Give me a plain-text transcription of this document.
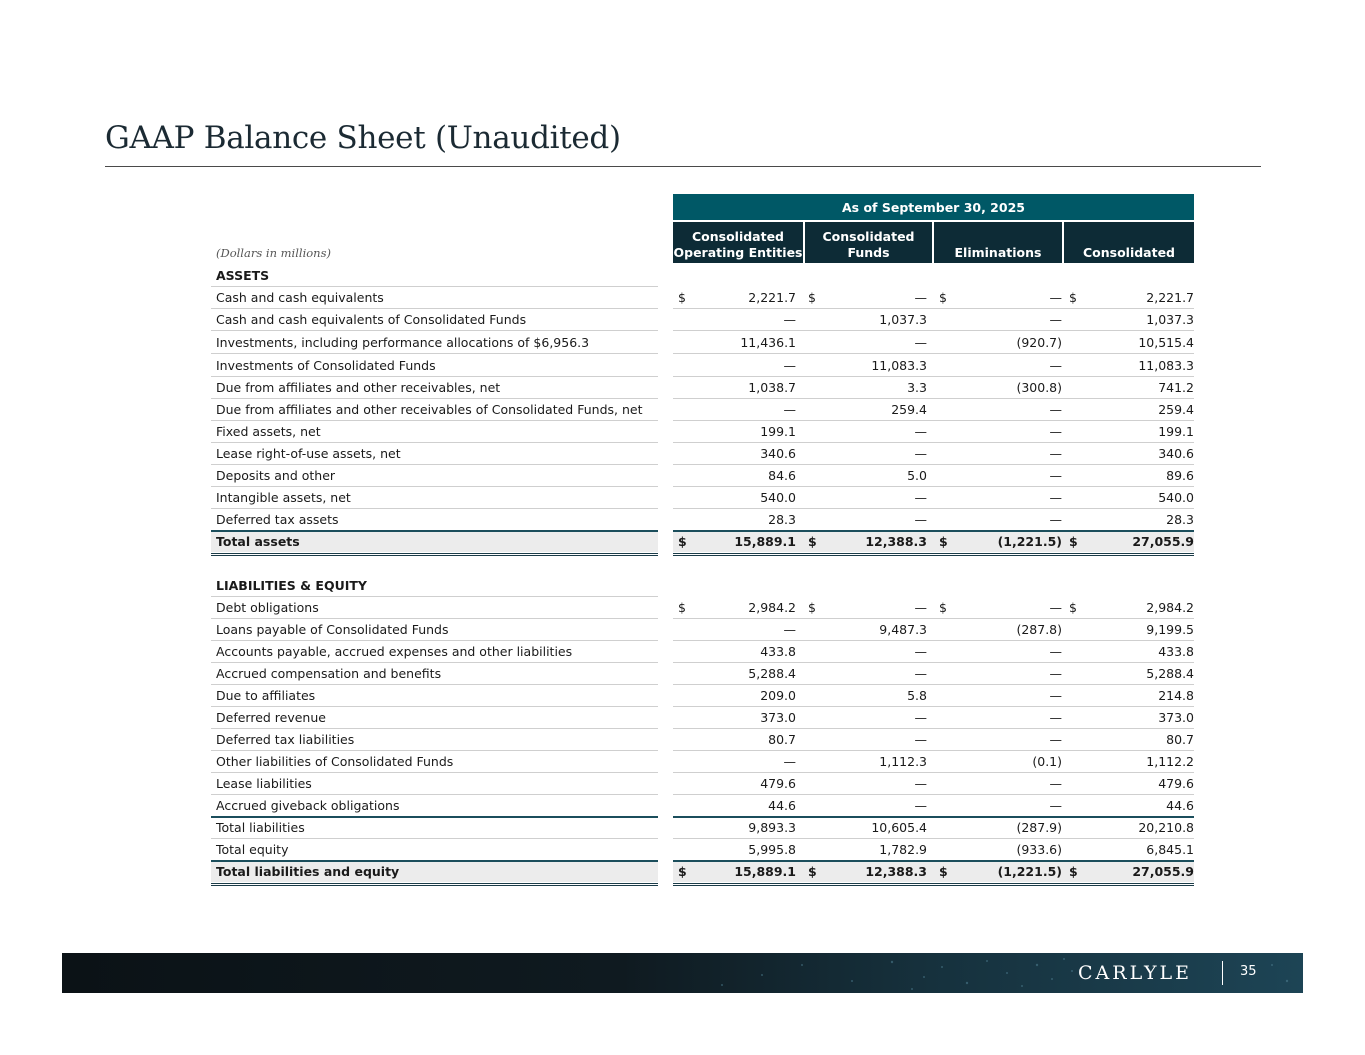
GAAP Balance Sheet (Unaudited)
As of September 30, 2025
(Dollars in millions)
Consolidated
Operating Entities
Consolidated
Funds	Eliminations	Consolidated
ASSETS
Cash and cash equivalents	$	2,221.7 $	— $	— $	2,221.7
Cash and cash equivalents of Consolidated Funds	—	1,037.3	—	1,037.3
Investments, including performance allocations of $6,956.3	11,436.1	—	(920.7)	10,515.4
Investments of Consolidated Funds	—	11,083.3	—	11,083.3
Due from affiliates and other receivables, net	1,038.7	3.3	(300.8)	741.2
Due from affiliates and other receivables of Consolidated Funds, net	—	259.4	—	259.4
Fixed assets, net	199.1	—	—	199.1
Lease right-of-use assets, net	340.6	—	—	340.6
Deposits and other	84.6	5.0	—	89.6
Intangible assets, net	540.0	—	—	540.0
Deferred tax assets	28.3	—	—	28.3
Total assets	$	15,889.1 $	12,388.3 $	(1,221.5) $	27,055.9
LIABILITIES & EQUITY
Debt obligations	$	2,984.2 $	— $	— $	2,984.2
Loans payable of Consolidated Funds	—	9,487.3	(287.8)	9,199.5
Accounts payable, accrued expenses and other liabilities	433.8	—	—	433.8
Accrued compensation and benefits	5,288.4	—	—	5,288.4
Due to affiliates	209.0	5.8	—	214.8
Deferred revenue	373.0	—	—	373.0
Deferred tax liabilities	80.7	—	—	80.7
Other liabilities of Consolidated Funds	—	1,112.3	(0.1)	1,112.2
Lease liabilities	479.6	—	—	479.6
Accrued giveback obligations	44.6	—	—	44.6
Total liabilities	9,893.3	10,605.4	(287.9)	20,210.8
Total equity	5,995.8	1,782.9	(933.6)	6,845.1
Total liabilities and equity	$	15,889.1 $	12,388.3 $	(1,221.5) $	27,055.9
CARLYLE	35
